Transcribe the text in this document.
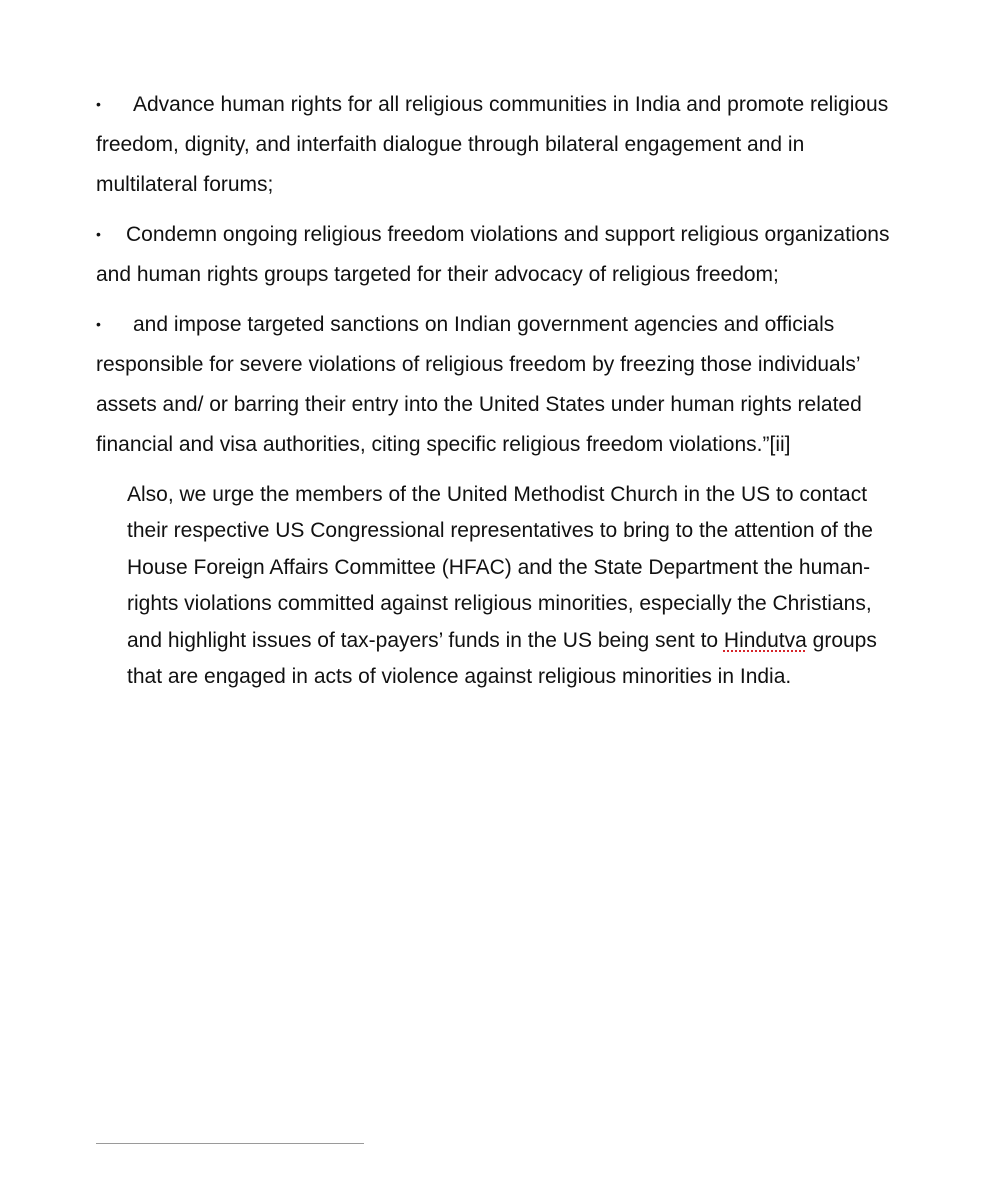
• Advance human rights for all religious communities in India and promote religious freedom, dignity, and interfaith dialogue through bilateral engagement and in multilateral forums;
• Condemn ongoing religious freedom violations and support religious organizations and human rights groups targeted for their advocacy of religious freedom;
• and impose targeted sanctions on Indian government agencies and officials responsible for severe violations of religious freedom by freezing those individuals’ assets and/ or barring their entry into the United States under human rights related financial and visa authorities, citing specific religious freedom violations.”[ii]

Also, we urge the members of the United Methodist Church in the US to contact their respective US Congressional representatives to bring to the attention of the House Foreign Affairs Committee (HFAC) and the State Department the human-rights violations committed against religious minorities, especially the Christians, and highlight issues of tax-payers’ funds in the US being sent to Hindutva groups that are engaged in acts of violence against religious minorities in India.
